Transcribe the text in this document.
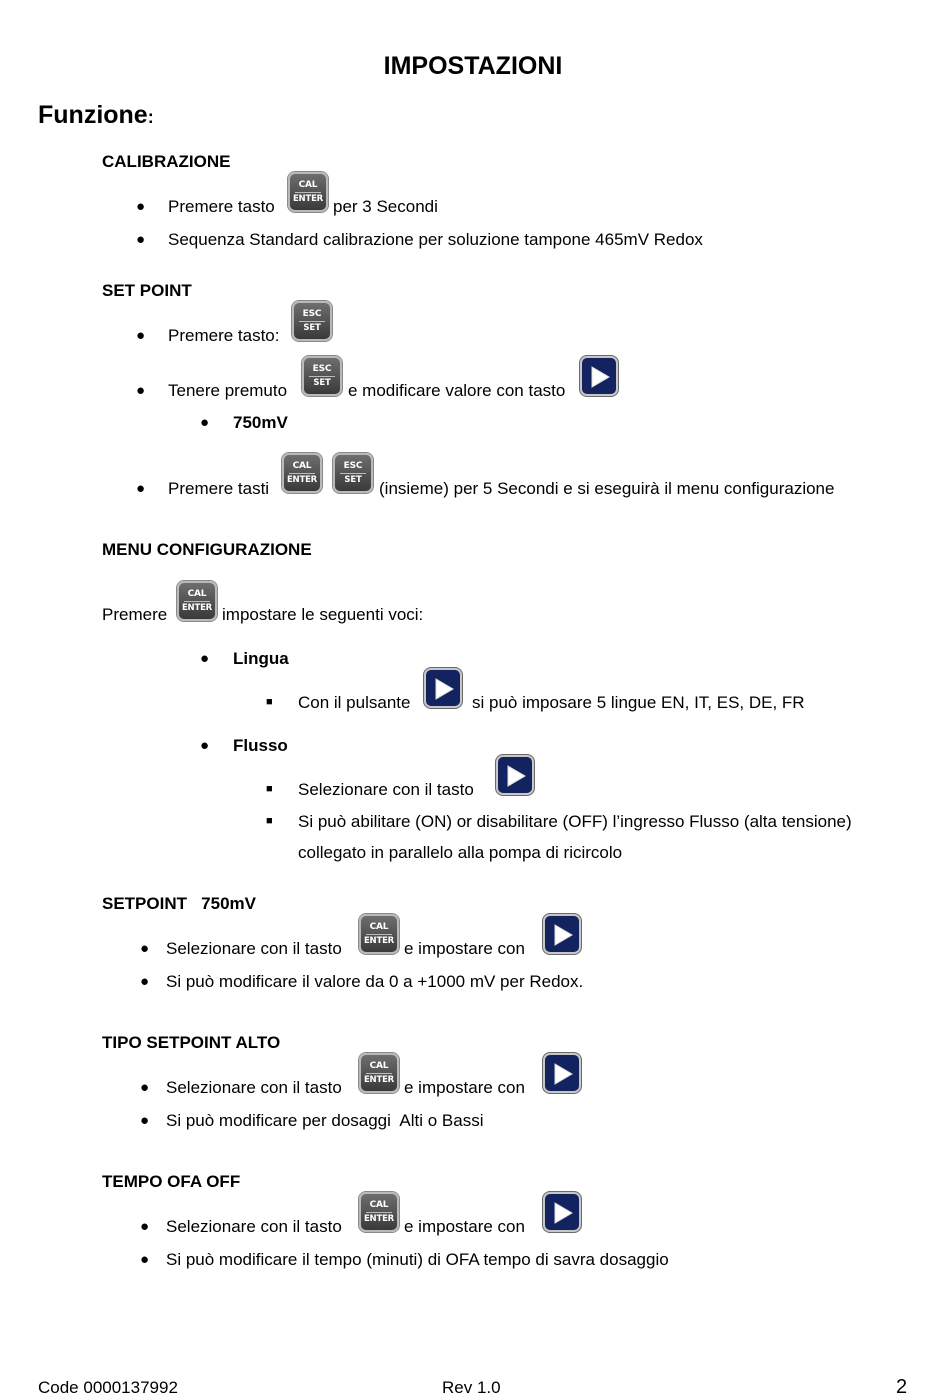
IMPOSTAZIONI
Funzione:
CALIBRAZIONE
● Premere tasto
CAL
ENTER per 3 Secondi
● Sequenza Standard calibrazione per soluzione tampone 465mV Redox
SET POINT
● Premere tasto:
ESC
SET
● Tenere premuto
ESC
SET	e modificare valore con tasto
● 750mV
● Premere tasti
CAL
ENTER
ESC
SET	(insieme) per 5 Secondi e si eseguirà il menu configurazione
MENU CONFIGURAZIONE
Premere
CAL
ENTER impostare le seguenti voci:
● Lingua
■ Con il pulsante	si può imposare 5 lingue EN, IT, ES, DE, FR
● Flusso
■ Selezionare con il tasto
■ Si può abilitare (ON) or disabilitare (OFF) l’ingresso Flusso (alta tensione)
collegato in parallelo alla pompa di ricircolo
SETPOINT   750mV
● Selezionare con il tasto
CAL
ENTER e impostare con
● Si può modificare il valore da 0 a +1000 mV per Redox.
TIPO SETPOINT ALTO
● Selezionare con il tasto
CAL
ENTER e impostare con
● Si può modificare per dosaggi  Alti o Bassi
TEMPO OFA OFF
● Selezionare con il tasto
CAL
ENTER e impostare con
● Si può modificare il tempo (minuti) di OFA tempo di savra dosaggio
Code 0000137992	Rev 1.0	2
